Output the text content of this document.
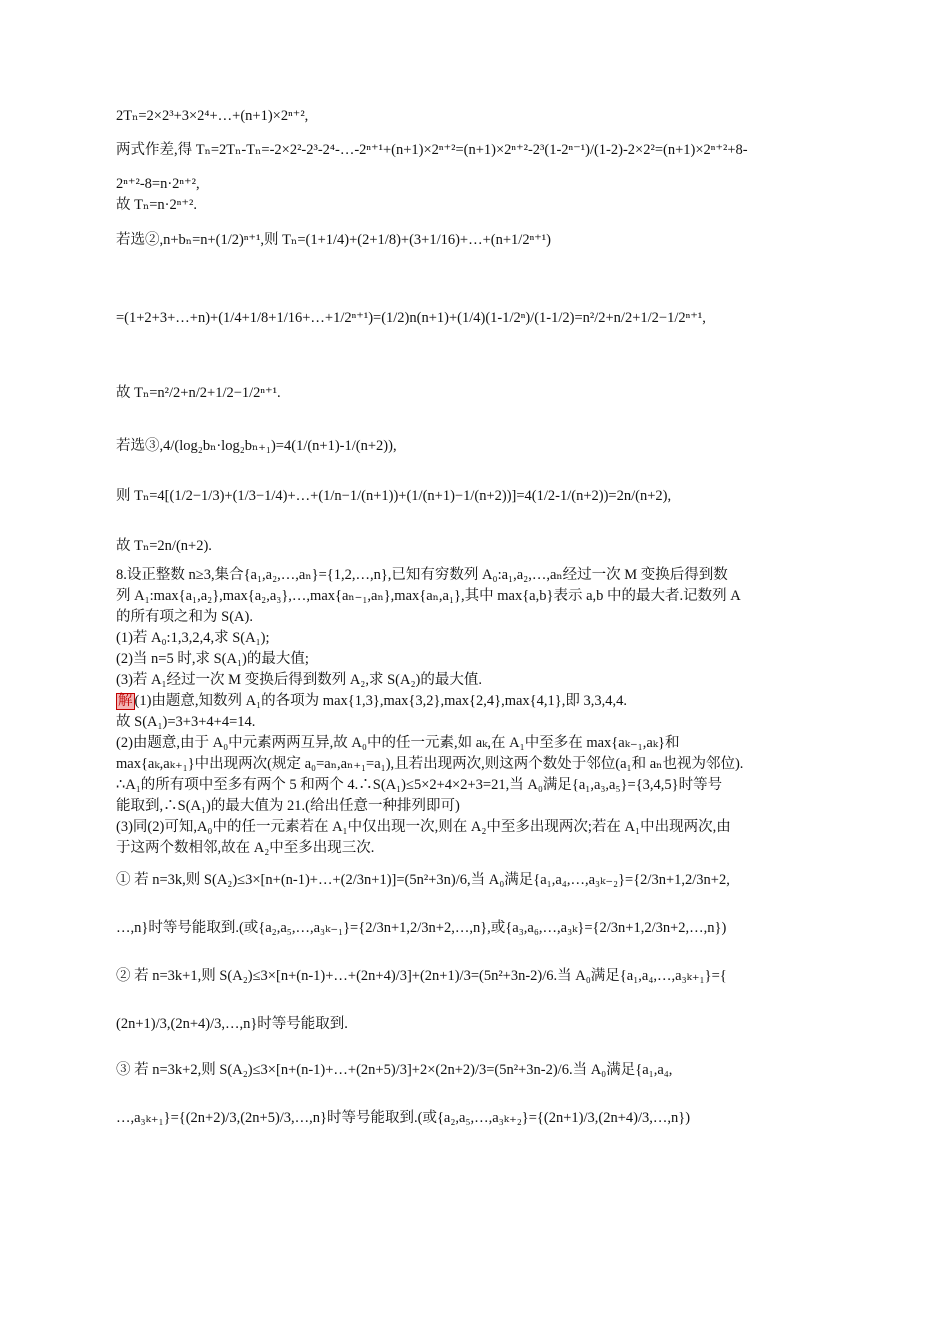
2Tₙ=2×2³+3×2⁴+…+(n+1)×2ⁿ⁺²,
两式作差,得 Tₙ=2Tₙ-Tₙ=-2×2²-2³-2⁴-…-2ⁿ⁺¹+(n+1)×2ⁿ⁺²=(n+1)×2ⁿ⁺²-2³(1-2ⁿ⁻¹)/(1-2)-2×2²=(n+1)×2ⁿ⁺²+8-
2ⁿ⁺²-8=n·2ⁿ⁺²,
故 Tₙ=n·2ⁿ⁺².
若选②,n+bₙ=n+(1/2)ⁿ⁺¹,则 Tₙ=(1+1/4)+(2+1/8)+(3+1/16)+…+(n+1/2ⁿ⁺¹)
=(1+2+3+…+n)+(1/4+1/8+1/16+…+1/2ⁿ⁺¹)=(1/2)n(n+1)+(1/4)(1-1/2ⁿ)/(1-1/2)=n²/2+n/2+1/2−1/2ⁿ⁺¹,
故 Tₙ=n²/2+n/2+1/2−1/2ⁿ⁺¹.
若选③,4/(log₂bₙ·log₂bₙ₊₁)=4(1/(n+1)-1/(n+2)),
则 Tₙ=4[(1/2−1/3)+(1/3−1/4)+…+(1/n−1/(n+1))+(1/(n+1)−1/(n+2))]=4(1/2-1/(n+2))=2n/(n+2),
故 Tₙ=2n/(n+2).
8.设正整数 n≥3,集合{a₁,a₂,…,aₙ}={1,2,…,n},已知有穷数列 A₀:a₁,a₂,…,aₙ经过一次 M 变换后得到数
列 A₁:max{a₁,a₂},max{a₂,a₃},…,max{aₙ₋₁,aₙ},max{aₙ,a₁},其中 max{a,b}表示 a,b 中的最大者.记数列 A
的所有项之和为 S(A).
(1)若 A₀:1,3,2,4,求 S(A₁);
(2)当 n=5 时,求 S(A₁)的最大值;
(3)若 A₁经过一次 M 变换后得到数列 A₂,求 S(A₂)的最大值.
解 (1)由题意,知数列 A₁的各项为 max{1,3},max{3,2},max{2,4},max{4,1},即 3,3,4,4.
故 S(A₁)=3+3+4+4=14.
(2)由题意,由于 A₀中元素两两互异,故 A₀中的任一元素,如 aₖ,在 A₁中至多在 max{aₖ₋₁,aₖ}和
max{aₖ,aₖ₊₁}中出现两次(规定 a₀=aₙ,aₙ₊₁=a₁),且若出现两次,则这两个数处于邻位(a₁和 aₙ也视为邻位).
∴A₁的所有项中至多有两个 5 和两个 4.∴S(A₁)≤5×2+4×2+3=21,当 A₀满足{a₁,a₃,a₅}={3,4,5}时等号
能取到,∴S(A₁)的最大值为 21.(给出任意一种排列即可)
(3)同(2)可知,A₀中的任一元素若在 A₁中仅出现一次,则在 A₂中至多出现两次;若在 A₁中出现两次,由
于这两个数相邻,故在 A₂中至多出现三次.
① 若 n=3k,则 S(A₂)≤3×[n+(n-1)+…+(2/3n+1)]=(5n²+3n)/6,当 A₀满足{a₁,a₄,…,a₃ₖ₋₂}={2/3n+1,2/3n+2,
…,n}时等号能取到.(或{a₂,a₅,…,a₃ₖ₋₁}={2/3n+1,2/3n+2,…,n},或{a₃,a₆,…,a₃ₖ}={2/3n+1,2/3n+2,…,n})
② 若 n=3k+1,则 S(A₂)≤3×[n+(n-1)+…+(2n+4)/3]+(2n+1)/3=(5n²+3n-2)/6.当 A₀满足{a₁,a₄,…,a₃ₖ₊₁}={
(2n+1)/3,(2n+4)/3,…,n}时等号能取到.
③ 若 n=3k+2,则 S(A₂)≤3×[n+(n-1)+…+(2n+5)/3]+2×(2n+2)/3=(5n²+3n-2)/6.当 A₀满足{a₁,a₄,
…,a₃ₖ₊₁}={(2n+2)/3,(2n+5)/3,…,n}时等号能取到.(或{a₂,a₅,…,a₃ₖ₊₂}={(2n+1)/3,(2n+4)/3,…,n})
